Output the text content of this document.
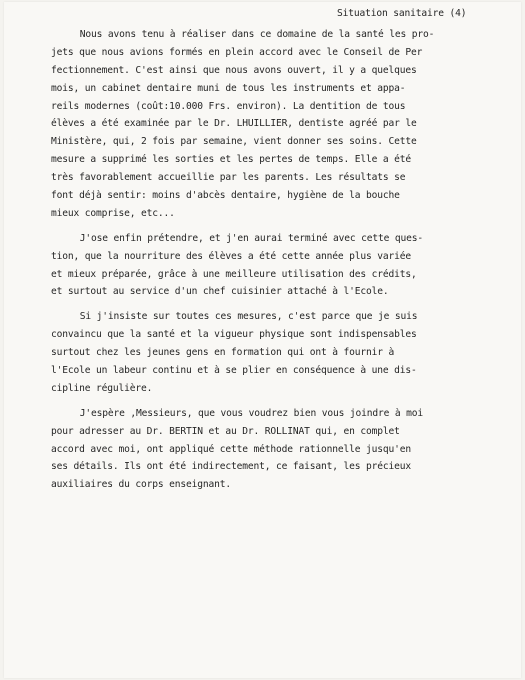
Situation sanitaire (4)
Nous avons tenu à réaliser dans ce domaine de la santé les pro-
jets que nous avions formés en plein accord avec le Conseil de Per
fectionnement. C'est ainsi que nous avons ouvert, il y a quelques
mois, un cabinet dentaire muni de tous les instruments et appa-
reils modernes (coût:10.000 Frs. environ). La dentition de tous
élèves a été examinée par le Dr. LHUILLIER, dentiste agréé par le
Ministère, qui, 2 fois par semaine, vient donner ses soins. Cette
mesure a supprimé les sorties et les pertes de temps. Elle a été
très favorablement accueillie par les parents. Les résultats se
font déjà sentir: moins d'abcès dentaire, hygiène de la bouche
mieux comprise, etc...
J'ose enfin prétendre, et j'en aurai terminé avec cette ques-
tion, que la nourriture des élèves a été cette année plus variée
et mieux préparée, grâce à une meilleure utilisation des crédits,
et surtout au service d'un chef cuisinier attaché à l'Ecole.
Si j'insiste sur toutes ces mesures, c'est parce que je suis
convaincu que la santé et la vigueur physique sont indispensables
surtout chez les jeunes gens en formation qui ont à fournir à
l'Ecole un labeur continu et à se plier en conséquence à une dis-
cipline régulière.
J'espère ,Messieurs, que vous voudrez bien vous joindre à moi
pour adresser au Dr. BERTIN et au Dr. ROLLINAT qui, en complet
accord avec moi, ont appliqué cette méthode rationnelle jusqu'en
ses détails. Ils ont été indirectement, ce faisant, les précieux
auxiliaires du corps enseignant.
